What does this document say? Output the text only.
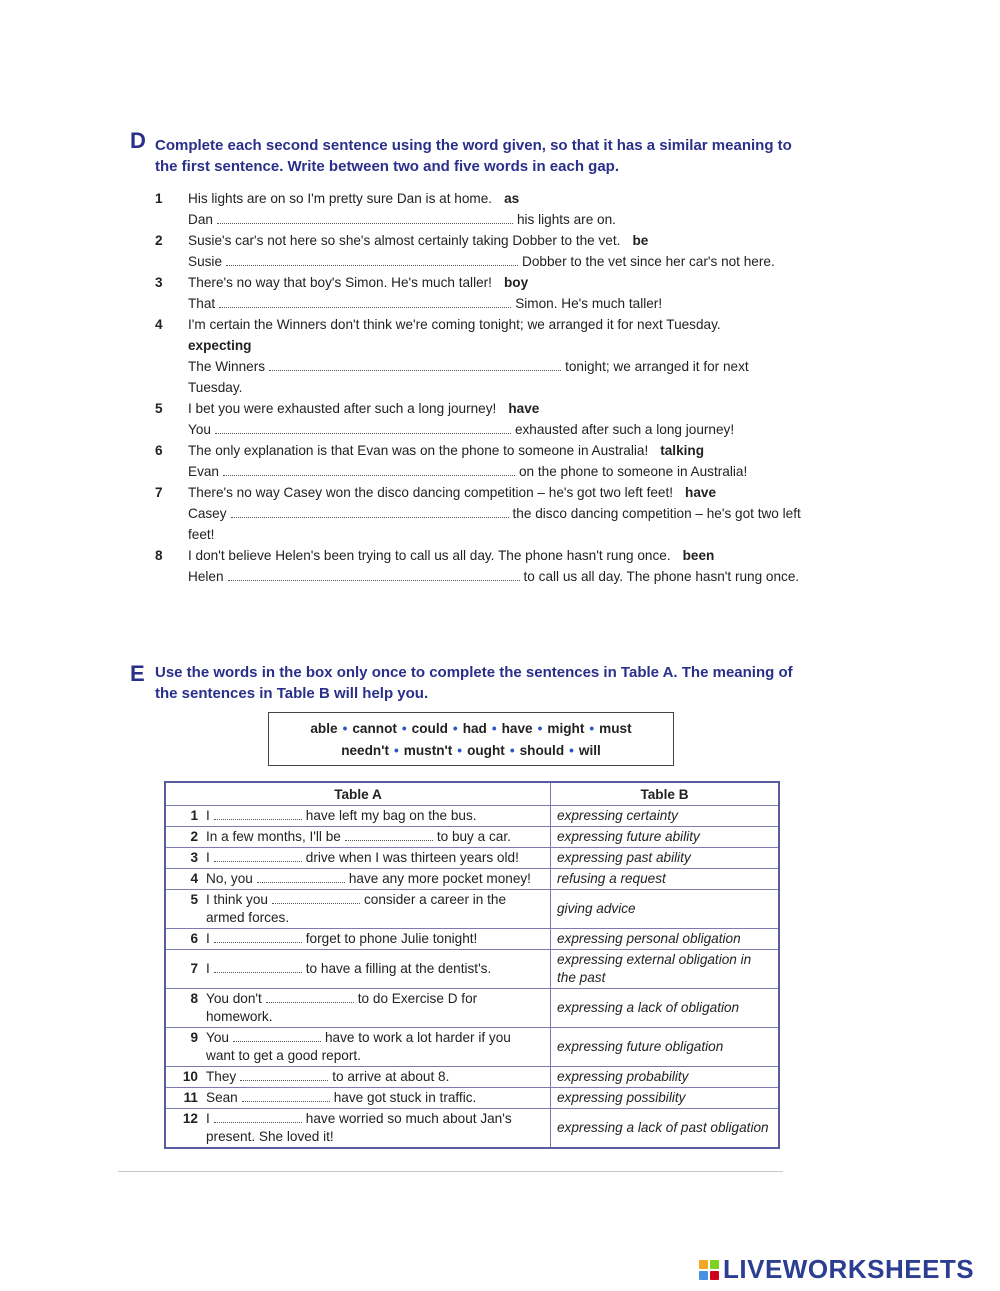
D Complete each second sentence using the word given, so that it has a similar meaning to the first sentence. Write between two and five words in each gap.
1	His lights are on so I'm pretty sure Dan is at home. as
Dan	his lights are on.
2	Susie's car's not here so she's almost certainly taking Dobber to the vet. be
Susie	Dobber to the vet since her car's not here.
3	There's no way that boy's Simon. He's much taller! boy
That	Simon. He's much taller!
4	I'm certain the Winners don't think we're coming tonight; we arranged it for next Tuesday.
expecting
The Winners	tonight; we arranged it for next Tuesday.
5	I bet you were exhausted after such a long journey! have
You	exhausted after such a long journey!
6	The only explanation is that Evan was on the phone to someone in Australia! talking
Evan	on the phone to someone in Australia!
7	There's no way Casey won the disco dancing competition – he's got two left feet! have
Casey	the disco dancing competition – he's got two left feet!
8	I don't believe Helen's been trying to call us all day. The phone hasn't rung once. been
Helen	to call us all day. The phone hasn't rung once.
E Use the words in the box only once to complete the sentences in Table A. The meaning of the sentences in Table B will help you.
able • cannot • could • had • have • might • must
needn't • mustn't • ought • should • will
Table A	Table B
1 I have left my bag on the bus.	expressing certainty
2 In a few months, I'll be to buy a car.	expressing future ability
3 I drive when I was thirteen years old!	expressing past ability
4 No, you have any more pocket money!	refusing a request
5 I think you consider a career in the
armed forces.	giving advice
6 I forget to phone Julie tonight!	expressing personal obligation
7 I to have a filling at the dentist's.	expressing external obligation in the past
8 You don't to do Exercise D for
homework.	expressing a lack of obligation
9 You have to work a lot harder if you
want to get a good report.	expressing future obligation
10 They to arrive at about 8.	expressing probability
11 Sean have got stuck in traffic.	expressing possibility
12 I have worried so much about Jan's
present. She loved it!	expressing a lack of past obligation
LIVEWORKSHEETS
